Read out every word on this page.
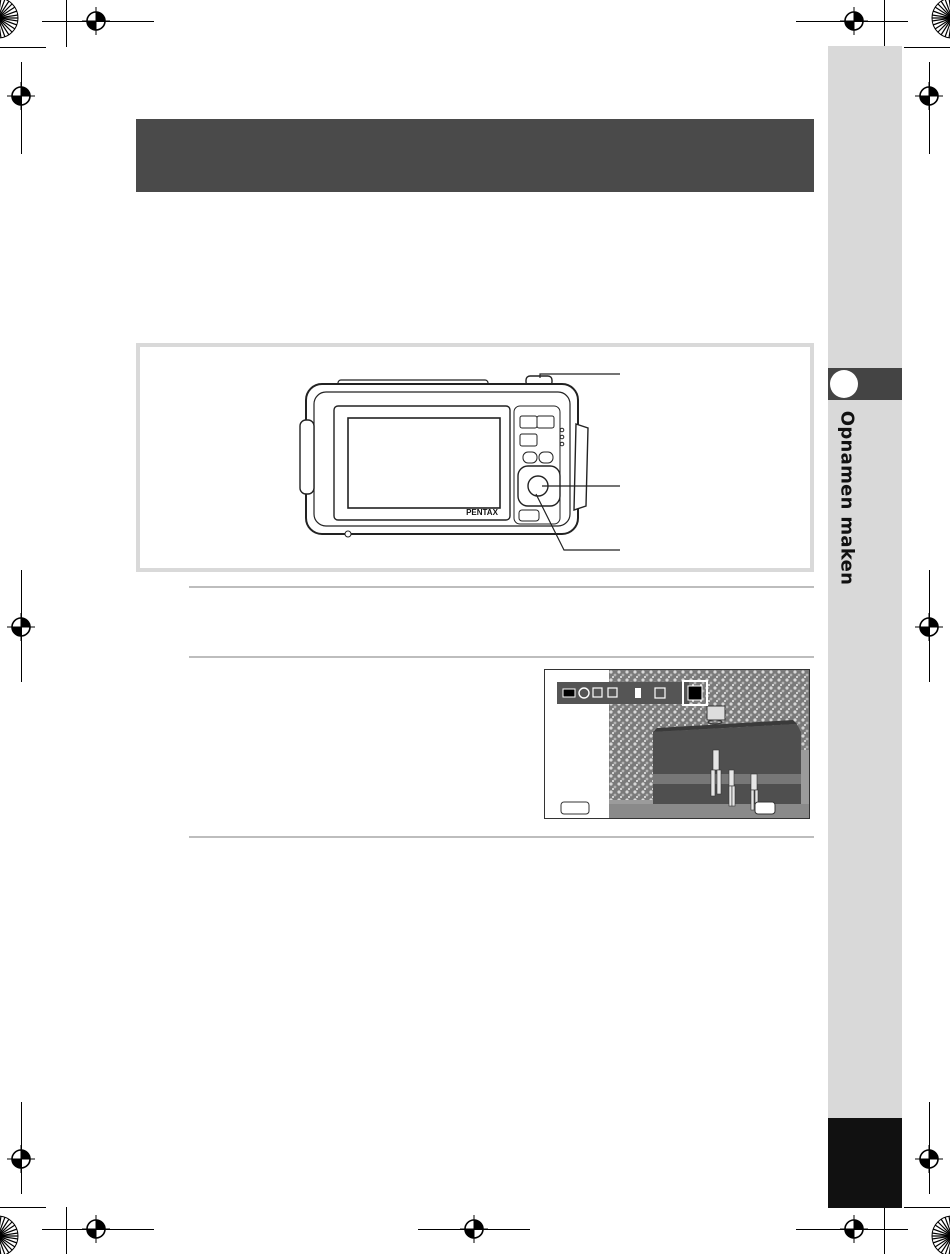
Opnamen maken
PENTAX
